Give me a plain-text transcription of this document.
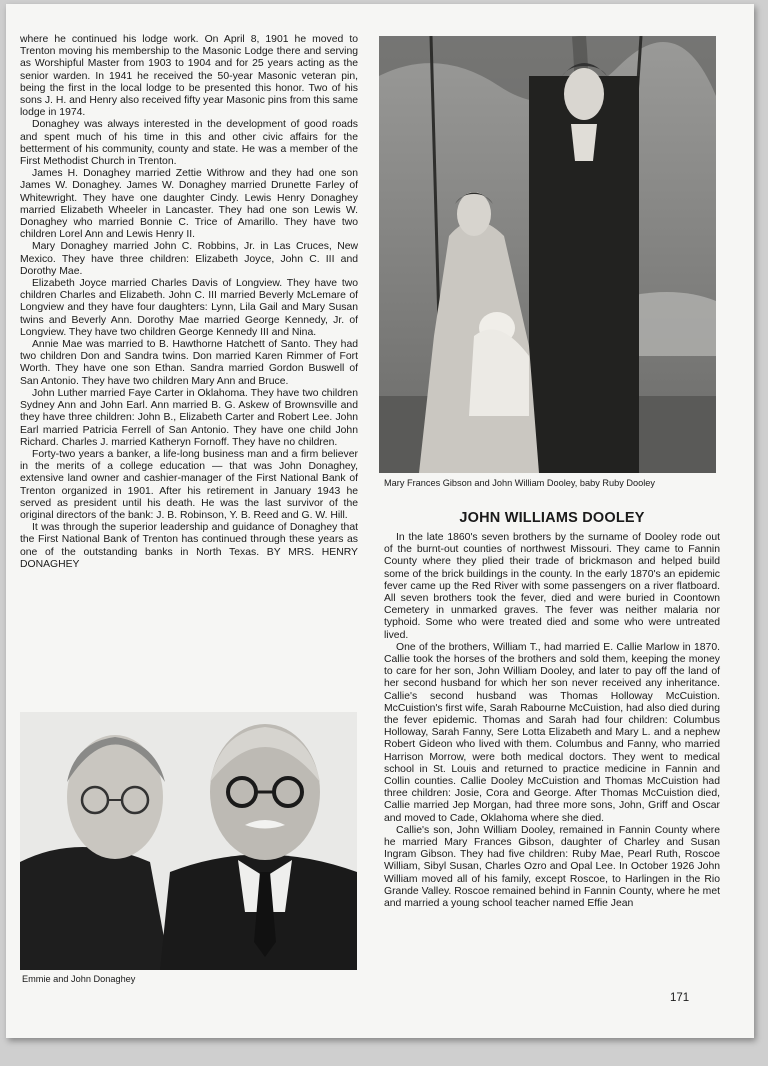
where he continued his lodge work. On April 8, 1901 he moved to Trenton moving his membership to the Masonic Lodge there and serving as Worshipful Master from 1903 to 1904 and for 25 years acting as the senior warden. In 1941 he received the 50-year Masonic veteran pin, being the first in the local lodge to be presented this honor. Two of his sons J. H. and Henry also received fifty year Masonic pins from this same lodge in 1974.

Donaghey was always interested in the development of good roads and spent much of his time in this and other civic affairs for the betterment of his community, county and state. He was a member of the First Methodist Church in Trenton.

James H. Donaghey married Zettie Withrow and they had one son James W. Donaghey. James W. Donaghey married Drunette Farley of Whitewright. They have one daughter Cindy. Lewis Henry Donaghey married Elizabeth Wheeler in Lancaster. They had one son Lewis W. Donaghey who married Bonnie C. Trice of Amarillo. They have two children Lorel Ann and Lewis Henry II.

Mary Donaghey married John C. Robbins, Jr. in Las Cruces, New Mexico. They have three children: Elizabeth Joyce, John C. III and Dorothy Mae.

Elizabeth Joyce married Charles Davis of Longview. They have two children Charles and Elizabeth. John C. III married Beverly McLemare of Longview and they have four daughters: Lynn, Lila Gail and Mary Susan twins and Beverly Ann. Dorothy Mae married George Kennedy, Jr. of Longview. They have two children George Kennedy III and Nina.

Annie Mae was married to B. Hawthorne Hatchett of Santo. They had two children Don and Sandra twins. Don married Karen Rimmer of Fort Worth. They have one son Ethan. Sandra married Gordon Buswell of San Antonio. They have two children Mary Ann and Bruce.

John Luther married Faye Carter in Oklahoma. They have two children Sydney Ann and John Earl. Ann married B. G. Askew of Brownsville and they have three children: John B., Elizabeth Carter and Robert Lee. John Earl married Patricia Ferrell of San Antonio. They have one child John Richard. Charles J. married Katheryn Fornoff. They have no children.

Forty-two years a banker, a life-long business man and a firm believer in the merits of a college education — that was John Donaghey, extensive land owner and cashier-manager of the First National Bank of Trenton organized in 1901. After his retirement in January 1943 he served as president until his death. He was the last survivor of the original directors of the bank: J. B. Robinson, Y. B. Reed and G. W. Hill.

It was through the superior leadership and guidance of Donaghey that the First National Bank of Trenton has continued through these years as one of the outstanding banks in North Texas. BY MRS. HENRY DONAGHEY

Mary Frances Gibson and John William Dooley, baby Ruby Dooley
JOHN WILLIAMS DOOLEY

In the late 1860's seven brothers by the surname of Dooley rode out of the burnt-out counties of northwest Missouri. They came to Fannin County where they plied their trade of brickmason and helped build some of the brick buildings in the county. In the early 1870's an epidemic fever came up the Red River with some passengers on a river flatboard. All seven brothers took the fever, died and were buried in Coontown Cemetery in unmarked graves. The fever was neither malaria nor typhoid. Some who were treated died and some who were untreated lived.

One of the brothers, William T., had married E. Callie Marlow in 1870. Callie took the horses of the brothers and sold them, keeping the money to care for her son, John William Dooley, and later to pay off the land of her second husband for which her son never received any inheritance. Callie's second husband was Thomas Holloway McCuistion. McCuistion's first wife, Sarah Rabourne McCuistion, had also died during the fever epidemic. Thomas and Sarah had four children: Columbus Holloway, Sarah Fanny, Sere Lotta Elizabeth and Mary L. and a nephew Robert Gideon who lived with them. Columbus and Fanny, who married Harrison Morrow, were both medical doctors. They went to medical school in St. Louis and returned to practice medicine in Fannin and Collin counties. Callie Dooley McCuistion and Thomas McCuistion had three children: Josie, Cora and George. After Thomas McCuistion died, Callie married Jep Morgan, had three more sons, John, Griff and Oscar and moved to Cade, Oklahoma where she died.

Callie's son, John William Dooley, remained in Fannin County where he married Mary Frances Gibson, daughter of Charley and Susan Ingram Gibson. They had five children: Ruby Mae, Pearl Ruth, Roscoe William, Sibyl Susan, Charles Ozro and Opal Lee. In October 1926 John William moved all of his family, except Roscoe, to Harlingen in the Rio Grande Valley. Roscoe remained behind in Fannin County, where he met and married a young school teacher named Effie Jean

Emmie and John Donaghey
171
